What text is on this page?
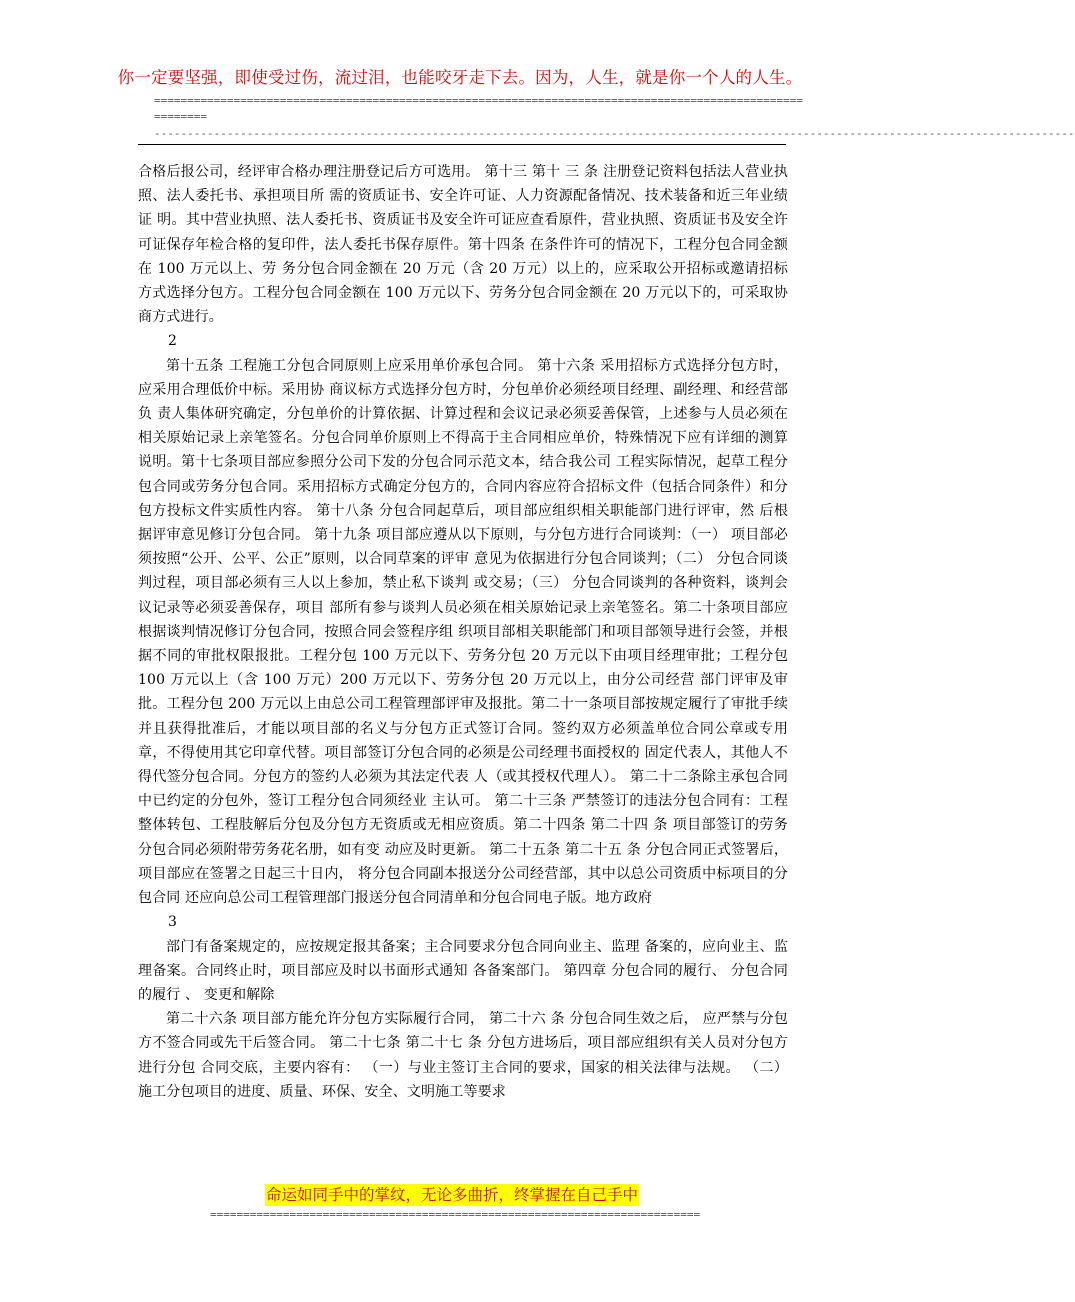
你一定要坚强，即使受过伤，流过泪，也能咬牙走下去。因为，人生，就是你一个人的人生。
==================================================================================================
========
-------------------------------------------------------------------------------------------------------------------------------------------

合格后报公司，经评审合格办理注册登记后方可选用。 第十三 第十 三 条 注册登记资料包括法人营业执照、法人委托书、承担项目所 需的资质证书、安全许可证、人力资源配备情况、技术装备和近三年业绩证 明。其中营业执照、法人委托书、资质证书及安全许可证应查看原件，营业执照、资质证书及安全许可证保存年检合格的复印件，法人委托书保存原件。第十四条 在条件许可的情况下，工程分包合同金额在 100 万元以上、劳 务分包合同金额在 20 万元（含 20 万元）以上的，应采取公开招标或邀请招标 方式选择分包方。工程分包合同金额在 100 万元以下、劳务分包合同金额在 20 万元以下的，可采取协商方式进行。

2

第十五条 工程施工分包合同原则上应采用单价承包合同。 第十六条 采用招标方式选择分包方时，应采用合理低价中标。采用协 商议标方式选择分包方时，分包单价必须经项目经理、副经理、和经营部负 责人集体研究确定，分包单价的计算依据、计算过程和会议记录必须妥善保管，上述参与人员必须在相关原始记录上亲笔签名。分包合同单价原则上不得高于主合同相应单价，特殊情况下应有详细的测算说明。第十七条项目部应参照分公司下发的分包合同示范文本，结合我公司 工程实际情况，起草工程分包合同或劳务分包合同。采用招标方式确定分包方的，合同内容应符合招标文件（包括合同条件）和分包方投标文件实质性内容。 第十八条 分包合同起草后，项目部应组织相关职能部门进行评审，然 后根据评审意见修订分包合同。 第十九条 项目部应遵从以下原则，与分包方进行合同谈判：（一） 项目部必须按照“公开、公平、公正”原则，以合同草案的评审 意见为依据进行分包合同谈判；（二） 分包合同谈判过程，项目部必须有三人以上参加，禁止私下谈判 或交易；（三） 分包合同谈判的各种资料，谈判会议记录等必须妥善保存，项目 部所有参与谈判人员必须在相关原始记录上亲笔签名。第二十条项目部应根据谈判情况修订分包合同，按照合同会签程序组 织项目部相关职能部门和项目部领导进行会签，并根据不同的审批权限报批。工程分包 100 万元以下、劳务分包 20 万元以下由项目经理审批；工程分包 100 万元以上（含 100 万元）200 万元以下、劳务分包 20 万元以上，由分公司经营 部门评审及审批。工程分包 200 万元以上由总公司工程管理部评审及报批。第二十一条项目部按规定履行了审批手续并且获得批准后，才能以项目部的名义与分包方正式签订合同。签约双方必须盖单位合同公章或专用章，不得使用其它印章代替。项目部签订分包合同的必须是公司经理书面授权的 固定代表人，其他人不得代签分包合同。分包方的签约人必须为其法定代表 人（或其授权代理人）。 第二十二条除主承包合同中已约定的分包外，签订工程分包合同须经业 主认可。 第二十三条 严禁签订的违法分包合同有：工程整体转包、工程肢解后分包及分包方无资质或无相应资质。第二十四条 第二十四 条 项目部签订的劳务分包合同必须附带劳务花名册，如有变 动应及时更新。 第二十五条 第二十五 条 分包合同正式签署后，项目部应在签署之日起三十日内， 将分包合同副本报送分公司经营部，其中以总公司资质中标项目的分包合同 还应向总公司工程管理部门报送分包合同清单和分包合同电子版。地方政府

3

部门有备案规定的，应按规定报其备案；主合同要求分包合同向业主、监理 备案的，应向业主、监理备案。合同终止时，项目部应及时以书面形式通知 各备案部门。 第四章 分包合同的履行、 分包合同的履行 、 变更和解除

第二十六条 项目部方能允许分包方实际履行合同， 第二十六 条 分包合同生效之后， 应严禁与分包方不签合同或先干后签合同。 第二十七条 第二十七 条 分包方进场后，项目部应组织有关人员对分包方进行分包 合同交底，主要内容有： （一）与业主签订主合同的要求，国家的相关法律与法规。 （二）施工分包项目的进度、质量、环保、安全、文明施工等要求

命运如同手中的掌纹，无论多曲折，终掌握在自己手中
==========================================================================
